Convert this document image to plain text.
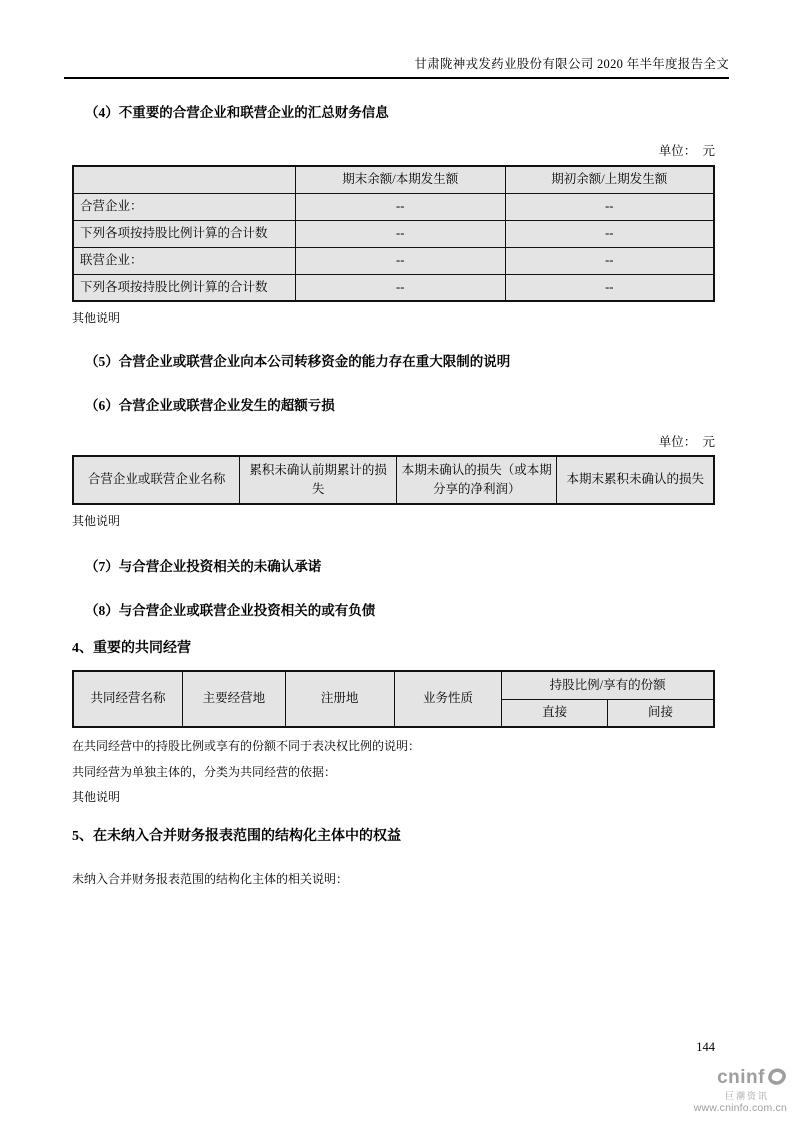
甘肃陇神戎发药业股份有限公司 2020 年半年度报告全文
（4）不重要的合营企业和联营企业的汇总财务信息
单位：　元
	期末余额/本期发生额	期初余额/上期发生额
合营企业：	--	--
下列各项按持股比例计算的合计数	--	--
联营企业：	--	--
下列各项按持股比例计算的合计数	--	--
其他说明
（5）合营企业或联营企业向本公司转移资金的能力存在重大限制的说明
（6）合营企业或联营企业发生的超额亏损
单位：　元
合营企业或联营企业名称	累积未确认前期累计的损失	本期未确认的损失（或本期分享的净利润）	本期末累积未确认的损失
其他说明
（7）与合营企业投资相关的未确认承诺
（8）与合营企业或联营企业投资相关的或有负债
4、重要的共同经营
共同经营名称	主要经营地	注册地	业务性质	持股比例/享有的份额	
				直接	间接
在共同经营中的持股比例或享有的份额不同于表决权比例的说明：
共同经营为单独主体的，分类为共同经营的依据：
其他说明
5、在未纳入合并财务报表范围的结构化主体中的权益
未纳入合并财务报表范围的结构化主体的相关说明：
144
cninf
巨潮资讯
www.cninfo.com.cn
